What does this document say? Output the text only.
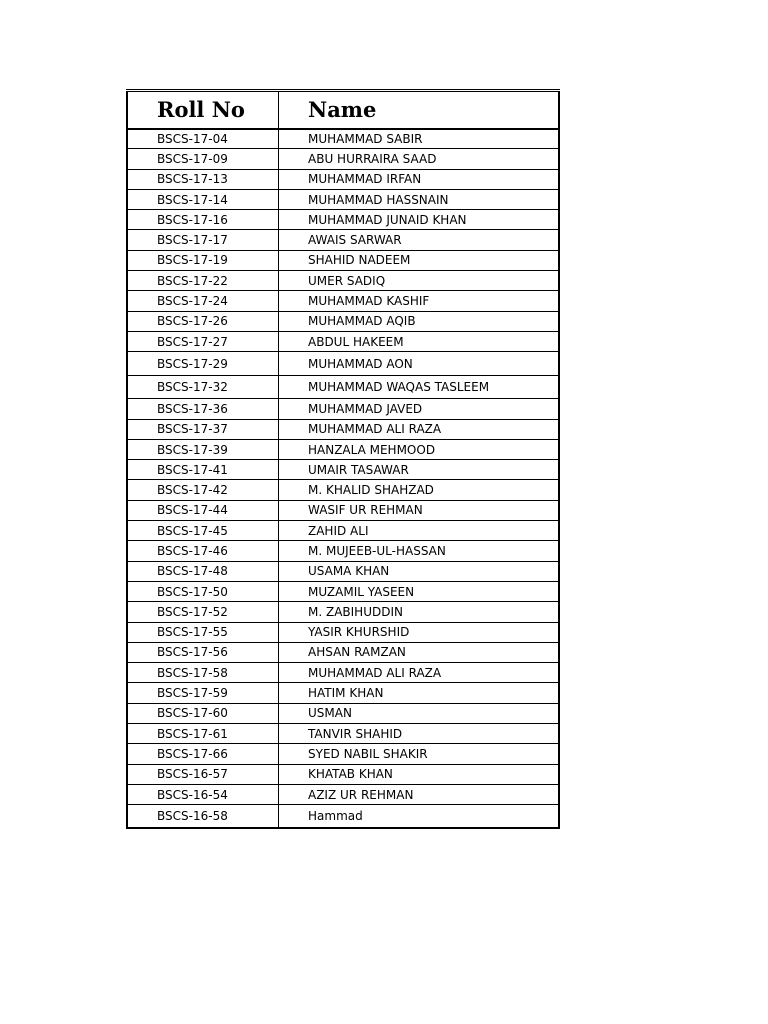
Roll No	Name
BSCS-17-04	MUHAMMAD SABIR
BSCS-17-09	ABU HURRAIRA SAAD
BSCS-17-13	MUHAMMAD IRFAN
BSCS-17-14	MUHAMMAD HASSNAIN
BSCS-17-16	MUHAMMAD JUNAID KHAN
BSCS-17-17	AWAIS SARWAR
BSCS-17-19	SHAHID NADEEM
BSCS-17-22	UMER SADIQ
BSCS-17-24	MUHAMMAD KASHIF
BSCS-17-26	MUHAMMAD AQIB
BSCS-17-27	ABDUL HAKEEM
BSCS-17-29	MUHAMMAD AON
BSCS-17-32	MUHAMMAD WAQAS TASLEEM
BSCS-17-36	MUHAMMAD JAVED
BSCS-17-37	MUHAMMAD ALI RAZA
BSCS-17-39	HANZALA MEHMOOD
BSCS-17-41	UMAIR TASAWAR
BSCS-17-42	M. KHALID SHAHZAD
BSCS-17-44	WASIF UR REHMAN
BSCS-17-45	ZAHID ALI
BSCS-17-46	M. MUJEEB-UL-HASSAN
BSCS-17-48	USAMA KHAN
BSCS-17-50	MUZAMIL YASEEN
BSCS-17-52	M. ZABIHUDDIN
BSCS-17-55	YASIR KHURSHID
BSCS-17-56	AHSAN RAMZAN
BSCS-17-58	MUHAMMAD ALI RAZA
BSCS-17-59	HATIM KHAN
BSCS-17-60	USMAN
BSCS-17-61	TANVIR SHAHID
BSCS-17-66	SYED NABIL SHAKIR
BSCS-16-57	KHATAB KHAN
BSCS-16-54	AZIZ UR REHMAN
BSCS-16-58	Hammad
